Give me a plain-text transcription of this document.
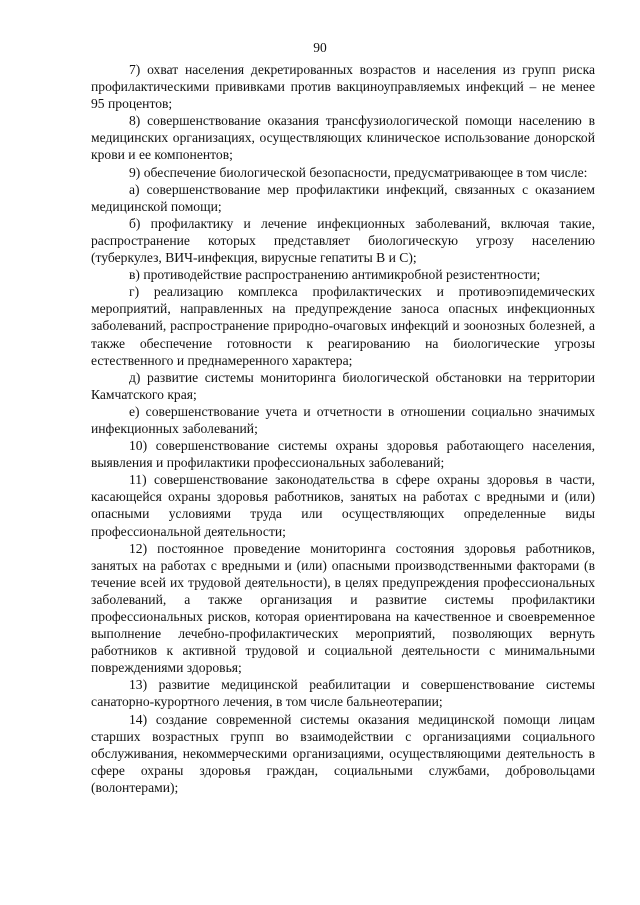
90

7) охват населения декретированных возрастов и населения из групп риска профилактическими прививками против вакциноуправляемых инфекций – не менее 95 процентов;

8) совершенствование оказания трансфузиологической помощи населению в медицинских организациях, осуществляющих клиническое использование донорской крови и ее компонентов;

9) обеспечение биологической безопасности, предусматривающее в том числе:

а) совершенствование мер профилактики инфекций, связанных с оказанием медицинской помощи;

б) профилактику и лечение инфекционных заболеваний, включая такие, распространение которых представляет биологическую угрозу населению (туберкулез, ВИЧ-инфекция, вирусные гепатиты B и C);

в) противодействие распространению антимикробной резистентности;

г) реализацию комплекса профилактических и противоэпидемических мероприятий, направленных на предупреждение заноса опасных инфекционных заболеваний, распространение природно-очаговых инфекций и зоонозных болезней, а также обеспечение готовности к реагированию на биологические угрозы естественного и преднамеренного характера;

д) развитие системы мониторинга биологической обстановки на территории Камчатского края;

е) совершенствование учета и отчетности в отношении социально значимых инфекционных заболеваний;

10) совершенствование системы охраны здоровья работающего населения, выявления и профилактики профессиональных заболеваний;

11) совершенствование законодательства в сфере охраны здоровья в части, касающейся охраны здоровья работников, занятых на работах с вредными и (или) опасными условиями труда или осуществляющих определенные виды профессиональной деятельности;

12) постоянное проведение мониторинга состояния здоровья работников, занятых на работах с вредными и (или) опасными производственными факторами (в течение всей их трудовой деятельности), в целях предупреждения профессиональных заболеваний, а также организация и развитие системы профилактики профессиональных рисков, которая ориентирована на качественное и своевременное выполнение лечебно-профилактических мероприятий, позволяющих вернуть работников к активной трудовой и социальной деятельности с минимальными повреждениями здоровья;

13) развитие медицинской реабилитации и совершенствование системы санаторно-курортного лечения, в том числе бальнеотерапии;

14) создание современной системы оказания медицинской помощи лицам старших возрастных групп во взаимодействии с организациями социального обслуживания, некоммерческими организациями, осуществляющими деятельность в сфере охраны здоровья граждан, социальными службами, добровольцами (волонтерами);
